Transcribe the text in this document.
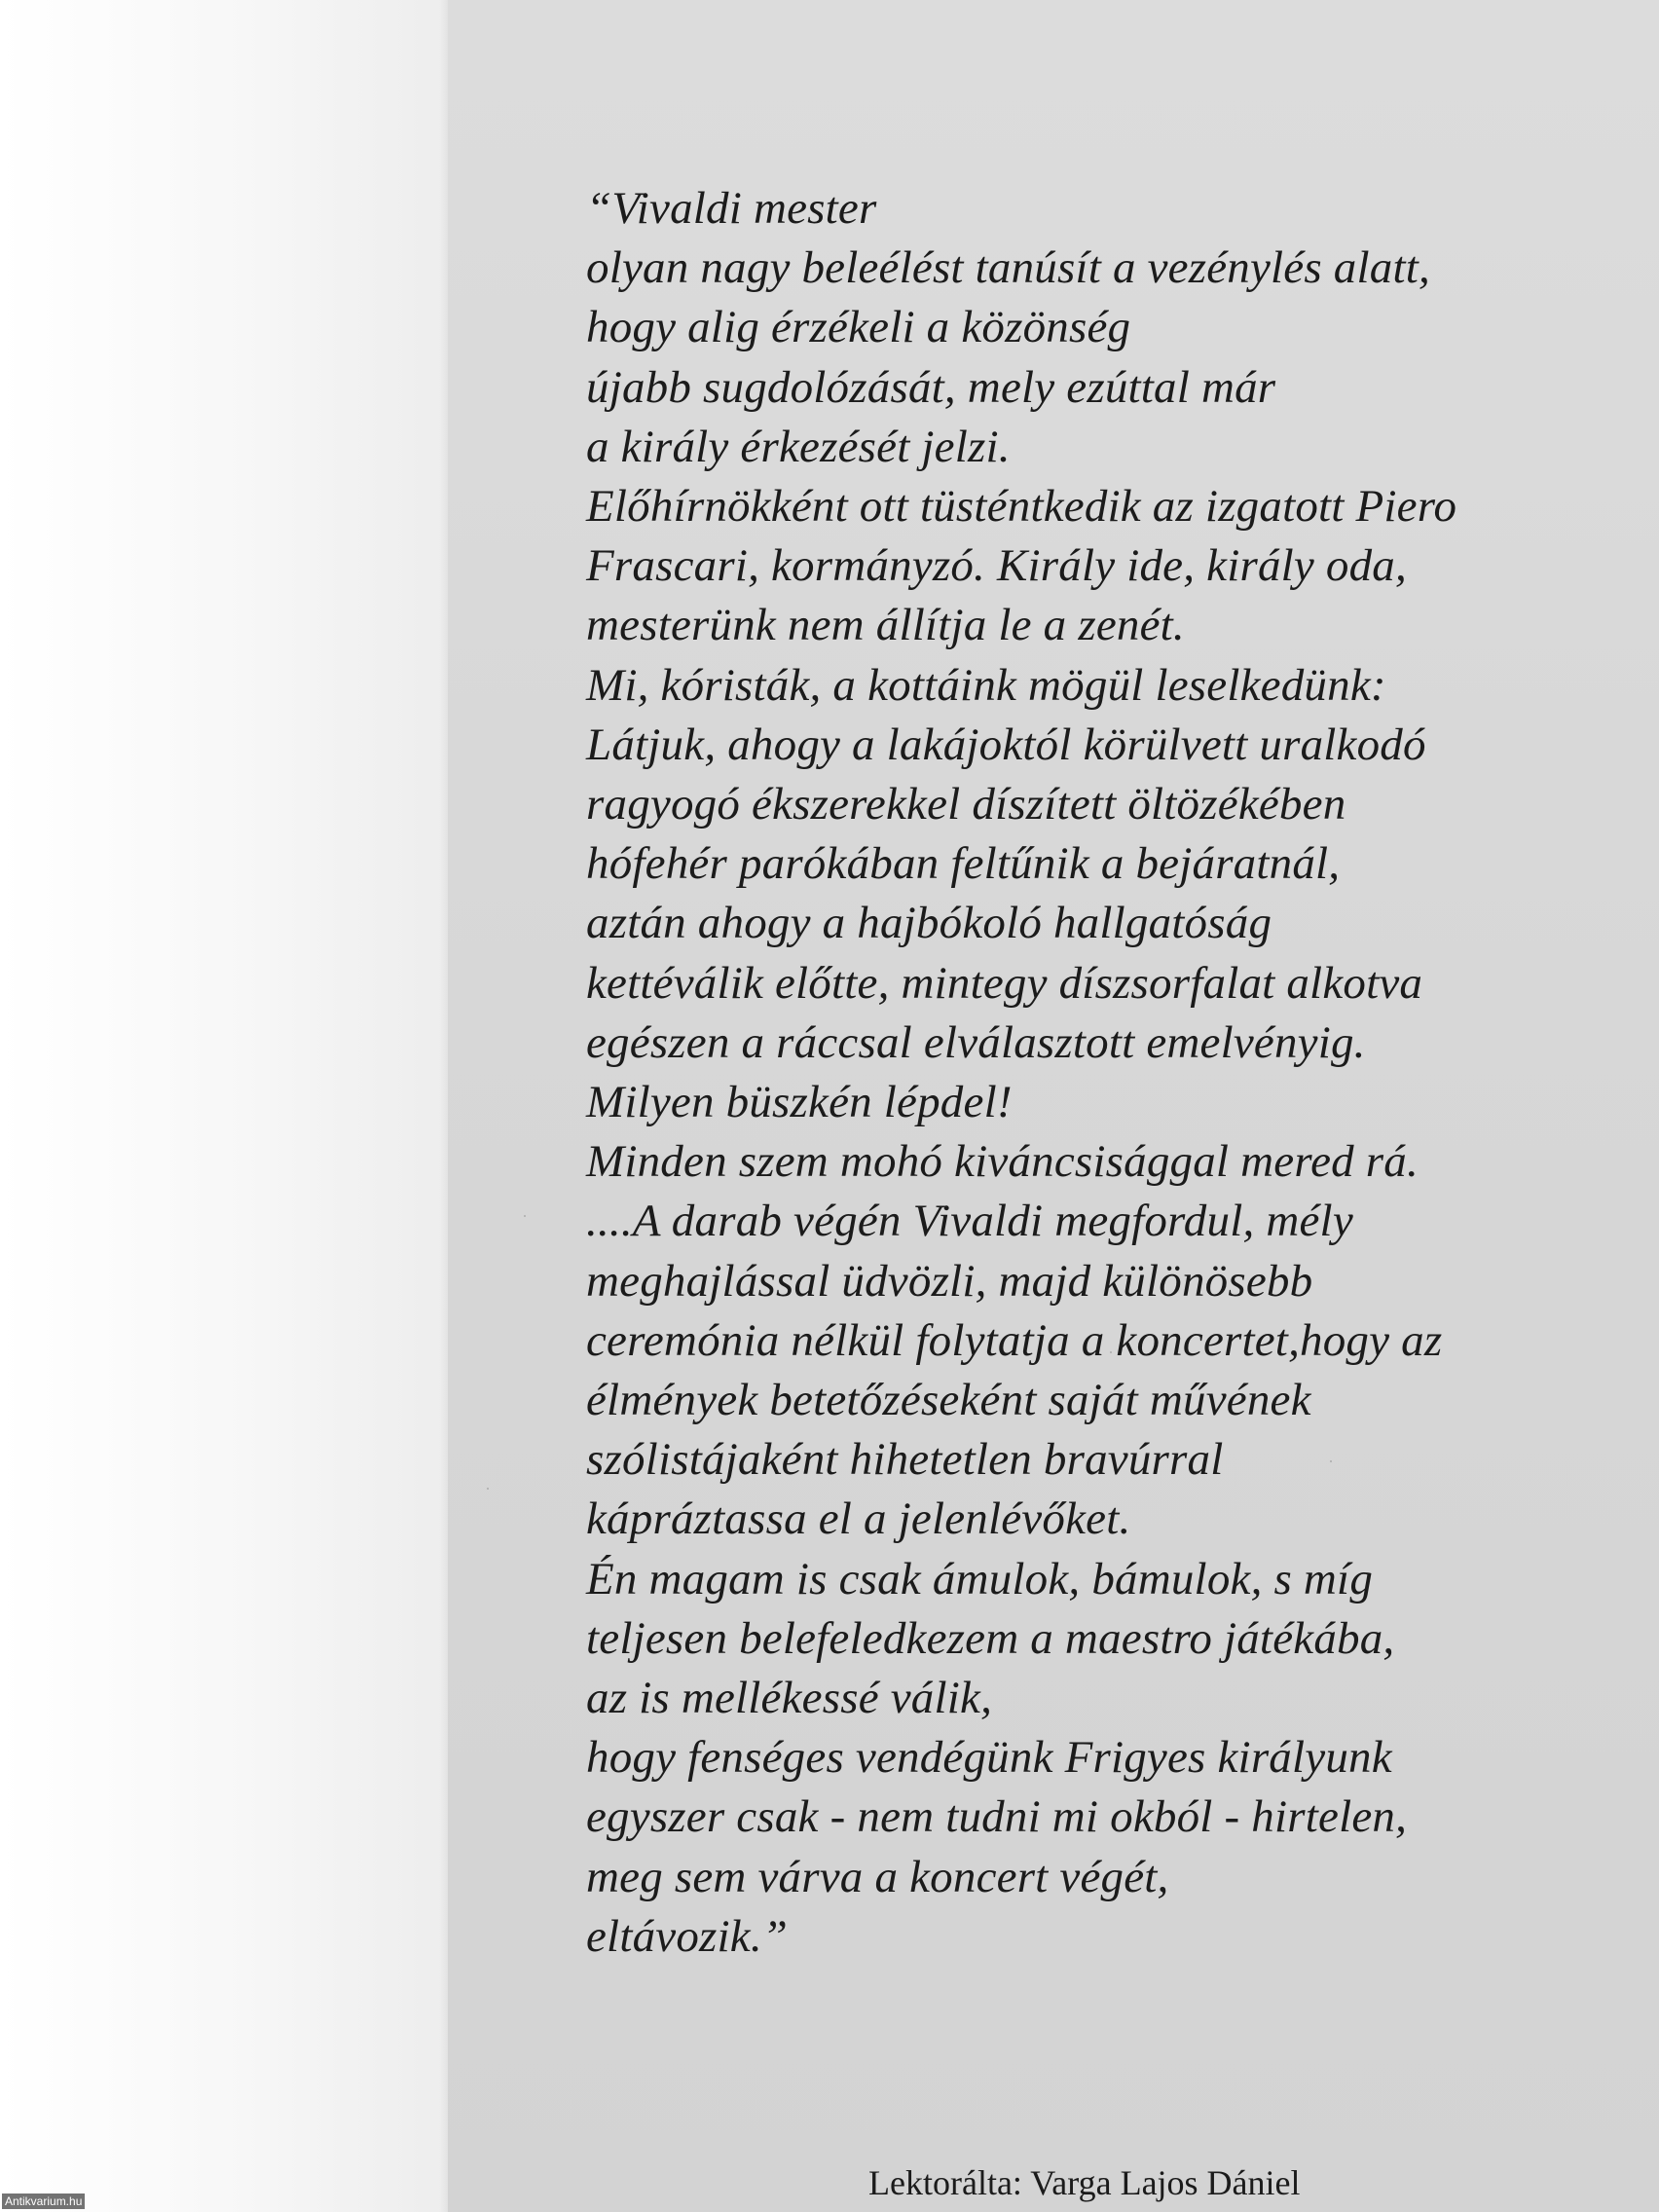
“Vivaldi mester
olyan nagy beleélést tanúsít a vezénylés alatt,
hogy alig érzékeli a közönség
újabb sugdolózását, mely ezúttal már
a király érkezését jelzi.
Előhírnökként ott tüsténtkedik az izgatott Piero
Frascari, kormányzó. Király ide, király oda,
mesterünk nem állítja le a zenét.
Mi, kóristák, a kottáink mögül leselkedünk:
Látjuk, ahogy a lakájoktól körülvett uralkodó
ragyogó ékszerekkel díszített öltözékében
hófehér parókában feltűnik a bejáratnál,
aztán ahogy a hajbókoló hallgatóság
kettéválik előtte, mintegy díszsorfalat alkotva
egészen a ráccsal elválasztott emelvényig.
Milyen büszkén lépdel!
Minden szem mohó kiváncsisággal mered rá.
....A darab végén Vivaldi megfordul, mély
meghajlással üdvözli, majd különösebb
ceremónia nélkül folytatja a koncertet,hogy az
élmények betetőzéseként saját művének
szólistájaként hihetetlen bravúrral
kápráztassa el a jelenlévőket.
Én magam is csak ámulok, bámulok, s míg
teljesen belefeledkezem a maestro játékába,
az is mellékessé válik,
hogy fenséges vendégünk Frigyes királyunk
egyszer csak - nem tudni mi okból - hirtelen,
meg sem várva a koncert végét,
eltávozik.”
Lektorálta: Varga Lajos Dániel
Antikvarium.hu
